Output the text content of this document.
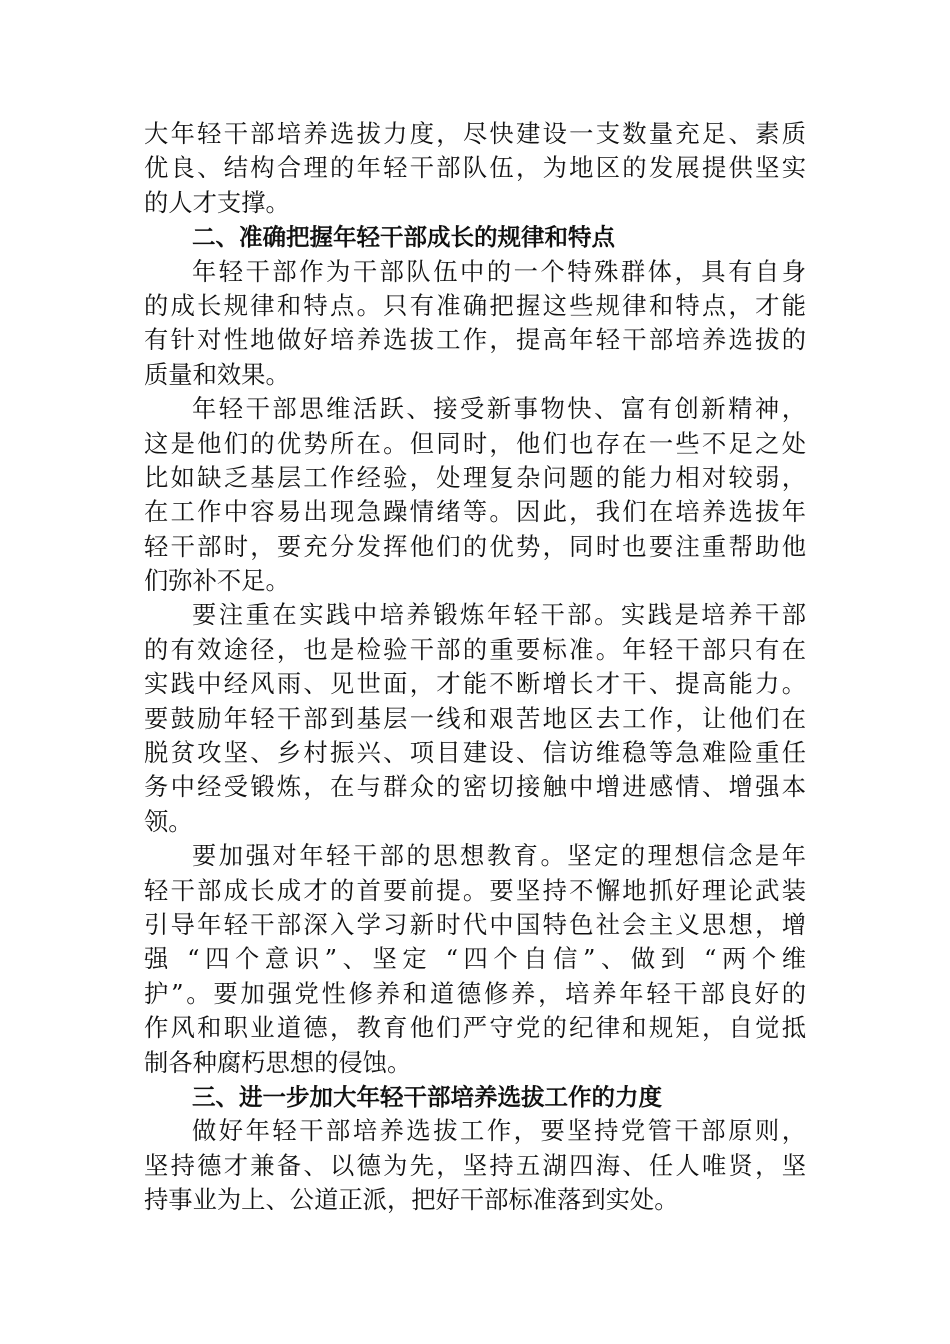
大年轻干部培养选拔力度，尽快建设一支数量充足、素质
优良、结构合理的年轻干部队伍，为地区的发展提供坚实
的人才支撑。
二、准确把握年轻干部成长的规律和特点
年轻干部作为干部队伍中的一个特殊群体，具有自身
的成长规律和特点。只有准确把握这些规律和特点，才能
有针对性地做好培养选拔工作，提高年轻干部培养选拔的
质量和效果。
年轻干部思维活跃、接受新事物快、富有创新精神，
这是他们的优势所在。但同时，他们也存在一些不足之处
比如缺乏基层工作经验，处理复杂问题的能力相对较弱，
在工作中容易出现急躁情绪等。因此，我们在培养选拔年
轻干部时，要充分发挥他们的优势，同时也要注重帮助他
们弥补不足。
要注重在实践中培养锻炼年轻干部。实践是培养干部
的有效途径，也是检验干部的重要标准。年轻干部只有在
实践中经风雨、见世面，才能不断增长才干、提高能力。
要鼓励年轻干部到基层一线和艰苦地区去工作，让他们在
脱贫攻坚、乡村振兴、项目建设、信访维稳等急难险重任
务中经受锻炼，在与群众的密切接触中增进感情、增强本
领。
要加强对年轻干部的思想教育。坚定的理想信念是年
轻干部成长成才的首要前提。要坚持不懈地抓好理论武装
引导年轻干部深入学习新时代中国特色社会主义思想，增
强 “四个意识”、坚定 “四个自信”、做到 “两个维
护”。要加强党性修养和道德修养，培养年轻干部良好的
作风和职业道德，教育他们严守党的纪律和规矩，自觉抵
制各种腐朽思想的侵蚀。
三、进一步加大年轻干部培养选拔工作的力度
做好年轻干部培养选拔工作，要坚持党管干部原则，
坚持德才兼备、以德为先，坚持五湖四海、任人唯贤，坚
持事业为上、公道正派，把好干部标准落到实处。
